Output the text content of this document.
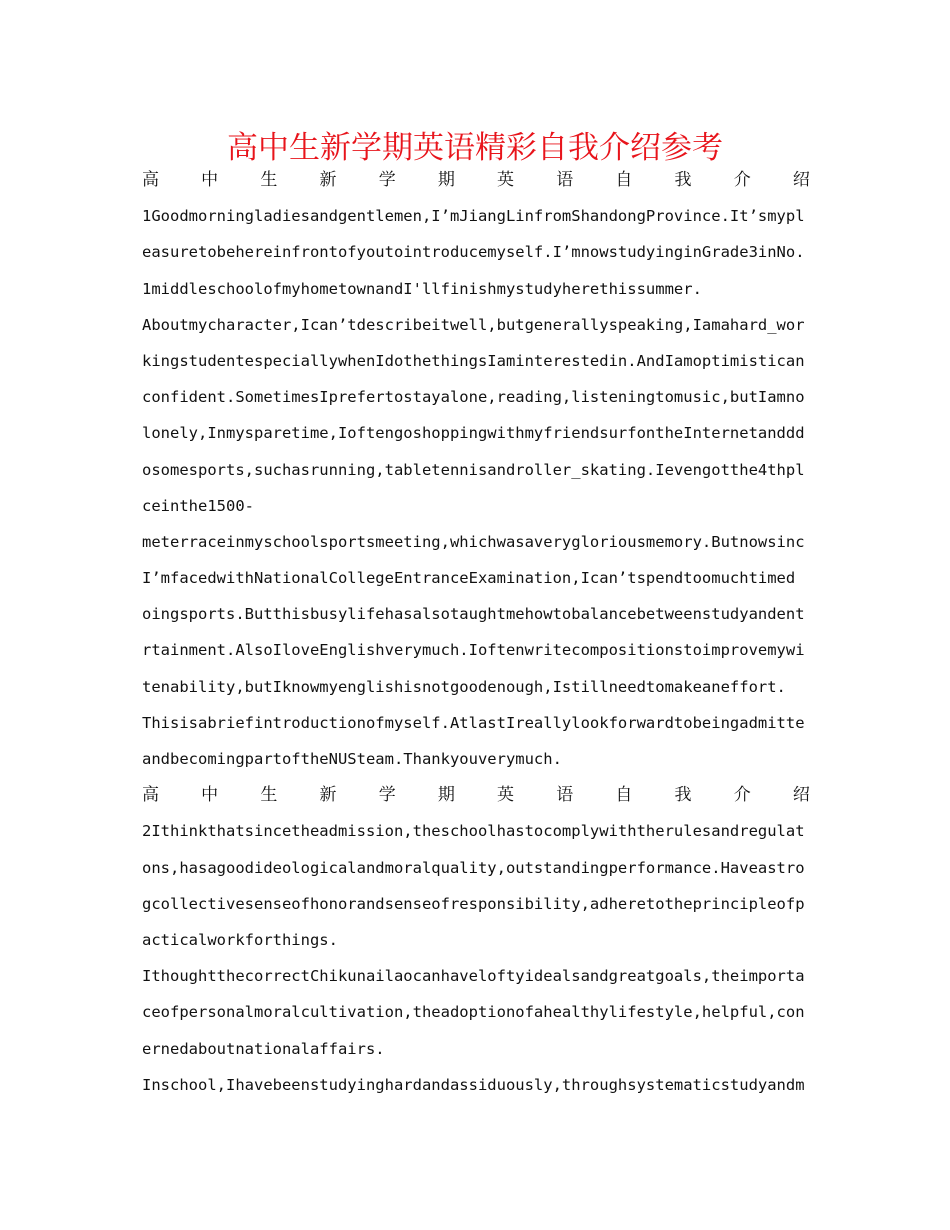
高中生新学期英语精彩自我介绍参考
高 中 生 新 学 期 英 语 自 我 介 绍
1Goodmorningladiesandgentlemen,I’mJiangLinfromShandongProvince.It’smypl
easuretobehereinfrontofyoutointroducemyself.I’mnowstudyinginGrade3inNo.
1middleschoolofmyhometownandI'llfinishmystudyherethissummer.
Aboutmycharacter,Ican’tdescribeitwell,butgenerallyspeaking,Iamahard_wor
kingstudentespeciallywhenIdothethingsIaminterestedin.AndIamoptimistican
confident.SometimesIprefertostayalone,reading,listeningtomusic,butIamno
lonely,Inmysparetime,IoftengoshoppingwithmyfriendsurfontheInternetanddd
osomesports,suchasrunning,tabletennisandroller_skating.Ievengotthe4thpl
ceinthe1500-
meterraceinmyschoolsportsmeeting,whichwasaverygloriousmemory.Butnowsinc
I’mfacedwithNationalCollegeEntranceExamination,Ican’tspendtoomuchtimed
oingsports.Butthisbusylifehasalsotaughtmehowtobalancebetweenstudyandent
rtainment.AlsoIloveEnglishverymuch.Ioftenwritecompositionstoimprovemywi
tenability,butIknowmyenglishisnotgoodenough,Istillneedtomakeaneffort.
Thisisabriefintroductionofmyself.AtlastIreallylookforwardtobeingadmitte
andbecomingpartoftheNUSteam.Thankyouverymuch.
高 中 生 新 学 期 英 语 自 我 介 绍
2Ithinkthatsincetheadmission,theschoolhastocomplywiththerulesandregulat
ons,hasagoodideologicalandmoralquality,outstandingperformance.Haveastro
gcollectivesenseofhonorandsenseofresponsibility,adheretotheprincipleofp
acticalworkforthings.
IthoughtthecorrectChikunailaocanhaveloftyidealsandgreatgoals,theimporta
ceofpersonalmoralcultivation,theadoptionofahealthylifestyle,helpful,con
ernedaboutnationalaffairs.
Inschool,Ihavebeenstudyinghardandassiduously,throughsystematicstudyandm
